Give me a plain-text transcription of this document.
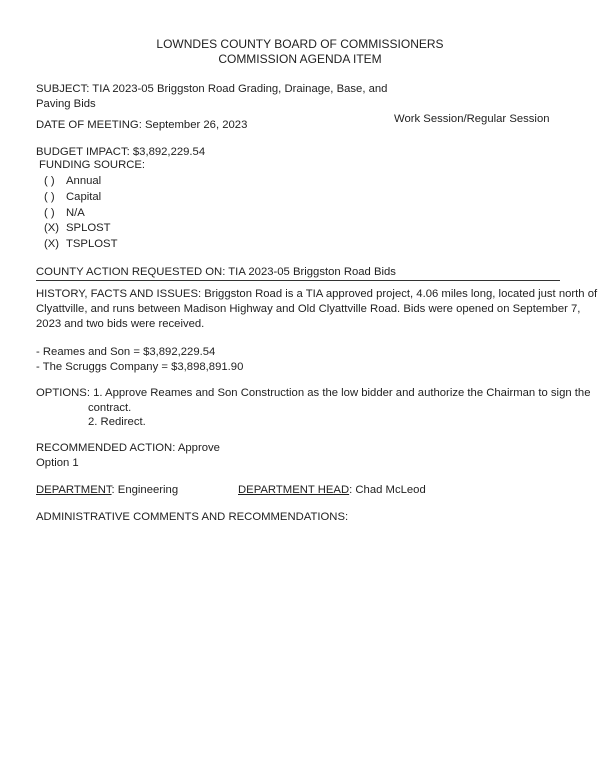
LOWNDES COUNTY BOARD OF COMMISSIONERS
COMMISSION AGENDA ITEM
SUBJECT: TIA 2023-05 Briggston Road Grading, Drainage, Base, and
Paving Bids
DATE OF MEETING: September 26, 2023	Work Session/Regular Session
BUDGET IMPACT: $3,892,229.54
FUNDING SOURCE:
( ) Annual
( ) Capital
( ) N/A
(X) SPLOST
(X) TSPLOST
COUNTY ACTION REQUESTED ON: TIA 2023-05 Briggston Road Bids
HISTORY, FACTS AND ISSUES: Briggston Road is a TIA approved project, 4.06 miles long, located just north of
Clyattville, and runs between Madison Highway and Old Clyattville Road. Bids were opened on September 7,
2023 and two bids were received.
- Reames and Son = $3,892,229.54
- The Scruggs Company = $3,898,891.90
OPTIONS: 1. Approve Reames and Son Construction as the low bidder and authorize the Chairman to sign the
contract.
2. Redirect.
RECOMMENDED ACTION: Approve
Option 1
DEPARTMENT: Engineering	DEPARTMENT HEAD: Chad McLeod
ADMINISTRATIVE COMMENTS AND RECOMMENDATIONS:
